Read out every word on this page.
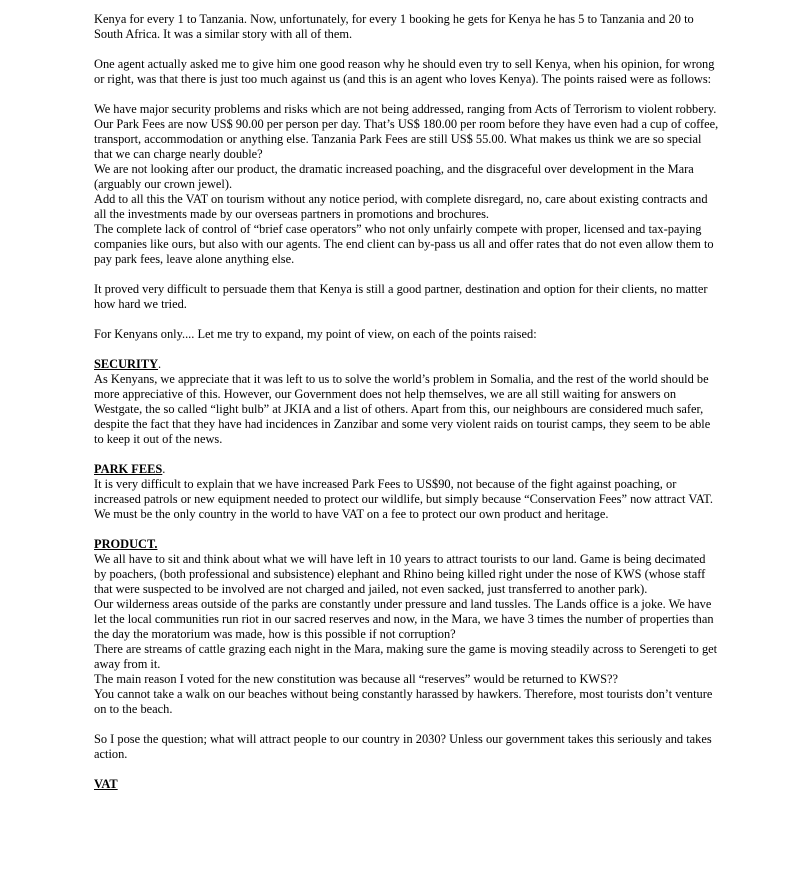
Kenya for every 1 to Tanzania. Now, unfortunately, for every 1 booking he gets for Kenya he has 5 to Tanzania and 20 to South Africa. It was a similar story with all of them.

One agent actually asked me to give him one good reason why he should even try to sell Kenya, when his opinion, for wrong or right, was that there is just too much against us (and this is an agent who loves Kenya). The points raised were as follows:

We have major security problems and risks which are not being addressed, ranging from Acts of Terrorism to violent robbery.

Our Park Fees are now US$ 90.00 per person per day. That’s US$ 180.00 per room before they have even had a cup of coffee, transport, accommodation or anything else. Tanzania Park Fees are still US$ 55.00. What makes us think we are so special that we can charge nearly double?

We are not looking after our product, the dramatic increased poaching, and the disgraceful over development in the Mara (arguably our crown jewel).

Add to all this the VAT on tourism without any notice period, with complete disregard, no, care about existing contracts and all the investments made by our overseas partners in promotions and brochures.

The complete lack of control of “brief case operators” who not only unfairly compete with proper, licensed and tax-paying companies like ours, but also with our agents. The end client can by-pass us all and offer rates that do not even allow them to pay park fees, leave alone anything else.

It proved very difficult to persuade them that Kenya is still a good partner, destination and option for their clients, no matter how hard we tried.

For Kenyans only.... Let me try to expand, my point of view, on each of the points raised:

SECURITY.

As Kenyans, we appreciate that it was left to us to solve the world’s problem in Somalia, and the rest of the world should be more appreciative of this. However, our Government does not help themselves, we are all still waiting for answers on Westgate, the so called “light bulb” at JKIA and a list of others. Apart from this, our neighbours are considered much safer, despite the fact that they have had incidences in Zanzibar and some very violent raids on tourist camps, they seem to be able to keep it out of the news.

PARK FEES.

It is very difficult to explain that we have increased Park Fees to US$90, not because of the fight against poaching, or increased patrols or new equipment needed to protect our wildlife, but simply because “Conservation Fees” now attract VAT. We must be the only country in the world to have VAT on a fee to protect our own product and heritage.

PRODUCT.

We all have to sit and think about what we will have left in 10 years to attract tourists to our land. Game is being decimated by poachers, (both professional and subsistence) elephant and Rhino being killed right under the nose of KWS (whose staff that were suspected to be involved are not charged and jailed, not even sacked, just transferred to another park).

Our wilderness areas outside of the parks are constantly under pressure and land tussles. The Lands office is a joke. We have let the local communities run riot in our sacred reserves and now, in the Mara, we have 3 times the number of properties than the day the moratorium was made, how is this possible if not corruption?

There are streams of cattle grazing each night in the Mara, making sure the game is moving steadily across to Serengeti to get away from it.

The main reason I voted for the new constitution was because all “reserves” would be returned to KWS??

You cannot take a walk on our beaches without being constantly harassed by hawkers. Therefore, most tourists don’t venture on to the beach.

So I pose the question; what will attract people to our country in 2030? Unless our government takes this seriously and takes action.

VAT
